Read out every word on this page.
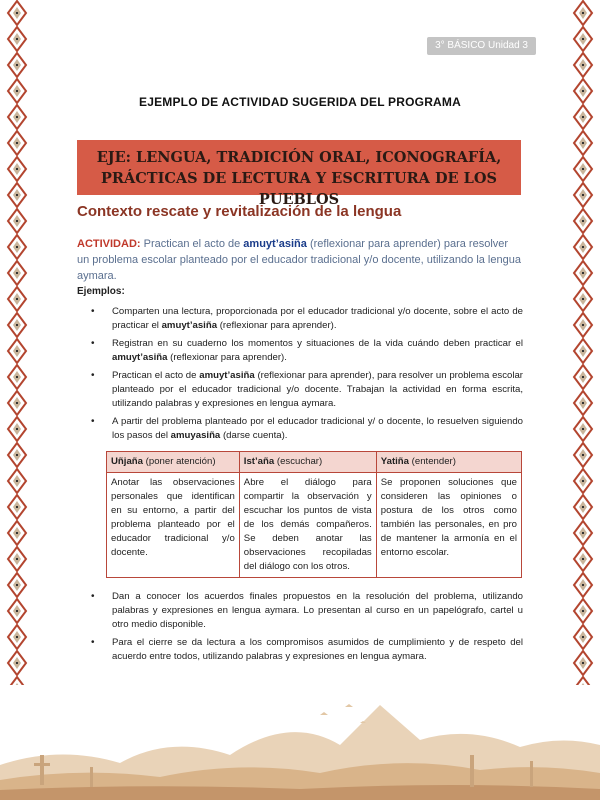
3° BÁSICO Unidad 3
EJEMPLO DE ACTIVIDAD SUGERIDA DEL PROGRAMA
EJE: LENGUA, TRADICIÓN ORAL, ICONOGRAFÍA,
PRÁCTICAS DE LECTURA Y ESCRITURA DE LOS PUEBLOS
Contexto rescate y revitalización de la lengua
ACTIVIDAD: Practican el acto de amuyt’asiña (reflexionar para aprender) para resolver un problema escolar planteado por el educador tradicional y/o docente, utilizando la lengua aymara.
Ejemplos:
• Comparten una lectura, proporcionada por el educador tradicional y/o docente, sobre el acto de practicar el amuyt’asiña (reflexionar para aprender).
• Registran en su cuaderno los momentos y situaciones de la vida cuándo deben practicar el amuyt’asiña (reflexionar para aprender).
• Practican el acto de amuyt’asiña (reflexionar para aprender), para resolver un problema escolar planteado por el educador tradicional y/o docente. Trabajan la actividad en forma escrita, utilizando palabras y expresiones en lengua aymara.
• A partir del problema planteado por el educador tradicional y/ o docente, lo resuelven siguiendo los pasos del amuyasiña (darse cuenta).
Uñjaña (poner atención)	Ist’aña (escuchar)	Yatiña (entender)
Anotar las observaciones personales que identifican en su entorno, a partir del problema planteado por el educador tradicional y/o docente.	Abre el diálogo para compartir la observación y escuchar los puntos de vista de los demás compañeros. Se deben anotar las observaciones recopiladas del diálogo con los otros.	Se proponen soluciones que consideren las opiniones o postura de los otros como también las personales, en pro de mantener la armonía en el entorno escolar.
• Dan a conocer los acuerdos finales propuestos en la resolución del problema, utilizando palabras y expresiones en lengua aymara. Lo presentan al curso en un papelógrafo, cartel u otro medio disponible.
• Para el cierre se da lectura a los compromisos asumidos de cumplimiento y de respeto del acuerdo entre todos, utilizando palabras y expresiones en lengua aymara.
